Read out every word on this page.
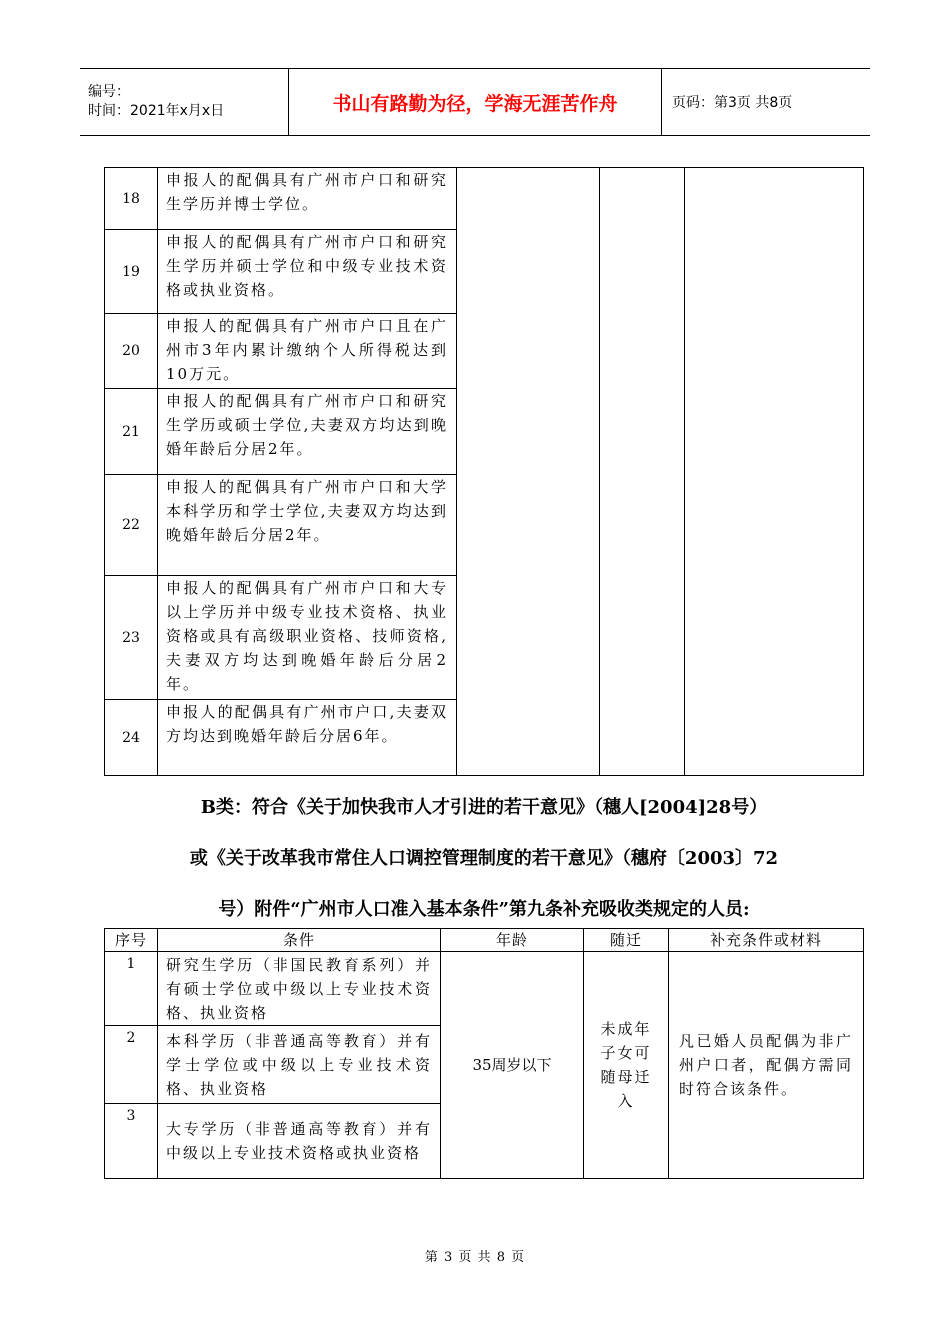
编号：
时间：2021年x月x日	书山有路勤为径，学海无涯苦作舟	页码：第3页 共8页
18	申报人的配偶具有广州市户口和研究生学历并博士学位。			
19	申报人的配偶具有广州市户口和研究生学历并硕士学位和中级专业技术资格或执业资格。			
20	申报人的配偶具有广州市户口且在广州市3年内累计缴纳个人所得税达到10万元。			
21	申报人的配偶具有广州市户口和研究生学历或硕士学位,夫妻双方均达到晚婚年龄后分居2年。			
22	申报人的配偶具有广州市户口和大学本科学历和学士学位,夫妻双方均达到晚婚年龄后分居2年。			
23	申报人的配偶具有广州市户口和大专以上学历并中级专业技术资格、执业资格或具有高级职业资格、技师资格,夫妻双方均达到晚婚年龄后分居2年。			
24	申报人的配偶具有广州市户口,夫妻双方均达到晚婚年龄后分居6年。			
B类：符合《关于加快我市人才引进的若干意见》（穗人[2004]28号）
或《关于改革我市常住人口调控管理制度的若干意见》（穗府〔2003〕72
号）附件“广州市人口准入基本条件”第九条补充吸收类规定的人员:
序号	条件	年龄	随迁	补充条件或材料
1	研究生学历（非国民教育系列）并有硕士学位或中级以上专业技术资格、执业资格	35周岁以下	未成年子女可随母迁入	凡已婚人员配偶为非广州户口者，配偶方需同时符合该条件。
2	本科学历（非普通高等教育）并有学士学位或中级以上专业技术资格、执业资格			
3	大专学历（非普通高等教育）并有中级以上专业技术资格或执业资格			
第 3 页 共 8 页
